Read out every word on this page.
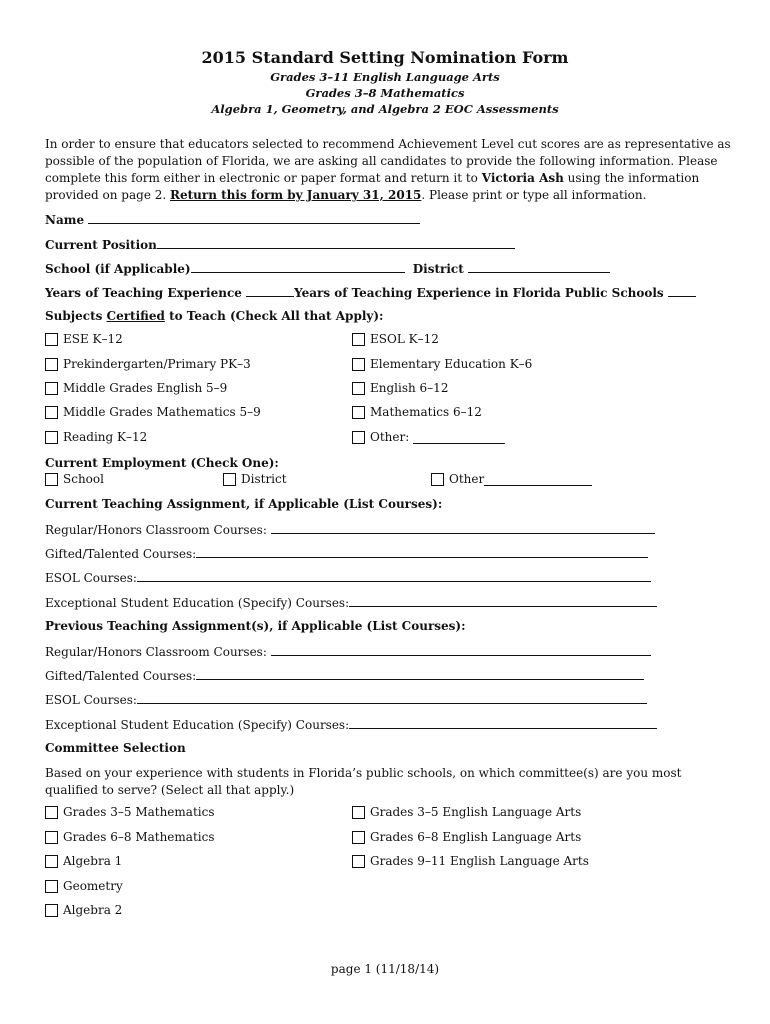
2015 Standard Setting Nomination Form
Grades 3–11 English Language Arts
Grades 3–8 Mathematics
Algebra 1, Geometry, and Algebra 2 EOC Assessments
In order to ensure that educators selected to recommend Achievement Level cut scores are as representative as possible of the population of Florida, we are asking all candidates to provide the following information. Please complete this form either in electronic or paper format and return it to Victoria Ash using the information provided on page 2. Return this form by January 31, 2015. Please print or type all information.
Name
Current Position
School (if Applicable)	District
Years of Teaching Experience	Years of Teaching Experience in Florida Public Schools
Subjects Certified to Teach (Check All that Apply):
ESE K–12
Prekindergarten/Primary PK–3
Middle Grades English 5–9
Middle Grades Mathematics 5–9
Reading K–12
ESOL K–12
Elementary Education K–6
English 6–12
Mathematics 6–12
Other:
Current Employment (Check One):
School	District	Other
Current Teaching Assignment, if Applicable (List Courses):
Regular/Honors Classroom Courses:
Gifted/Talented Courses:
ESOL Courses:
Exceptional Student Education (Specify) Courses:
Previous Teaching Assignment(s), if Applicable (List Courses):
Regular/Honors Classroom Courses:
Gifted/Talented Courses:
ESOL Courses:
Exceptional Student Education (Specify) Courses:
Committee Selection
Based on your experience with students in Florida’s public schools, on which committee(s) are you most qualified to serve? (Select all that apply.)
Grades 3–5 Mathematics
Grades 6–8 Mathematics
Algebra 1
Geometry
Algebra 2
Grades 3–5 English Language Arts
Grades 6–8 English Language Arts
Grades 9–11 English Language Arts
page 1 (11/18/14)
